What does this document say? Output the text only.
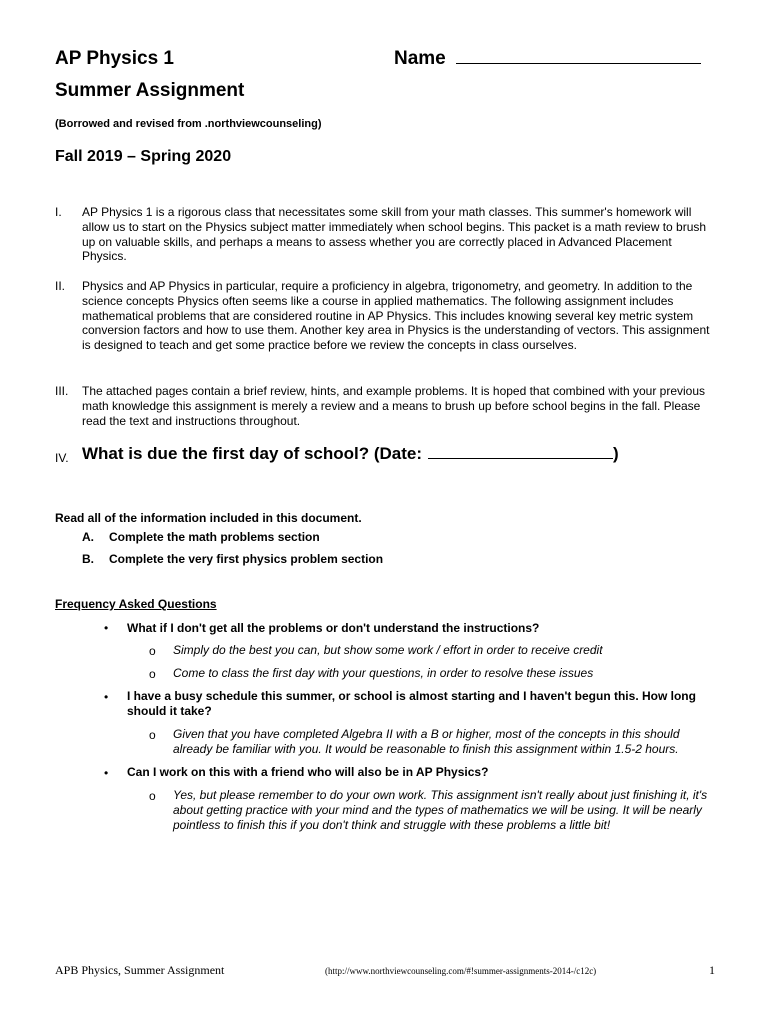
AP Physics 1	Name
Summer Assignment
(Borrowed and revised from .northviewcounseling)
Fall 2019 – Spring 2020
I. AP Physics 1 is a rigorous class that necessitates some skill from your math classes. This summer's homework will allow us to start on the Physics subject matter immediately when school begins. This packet is a math review to brush up on valuable skills, and perhaps a means to assess whether you are correctly placed in Advanced Placement Physics.
II. Physics and AP Physics in particular, require a proficiency in algebra, trigonometry, and geometry. In addition to the science concepts Physics often seems like a course in applied mathematics. The following assignment includes mathematical problems that are considered routine in AP Physics. This includes knowing several key metric system conversion factors and how to use them. Another key area in Physics is the understanding of vectors. This assignment is designed to teach and get some practice before we review the concepts in class ourselves.
III. The attached pages contain a brief review, hints, and example problems. It is hoped that combined with your previous math knowledge this assignment is merely a review and a means to brush up before school begins in the fall. Please read the text and instructions throughout.
IV. What is due the first day of school? (Date:	)
Read all of the information included in this document.
A. Complete the math problems section
B. Complete the very first physics problem section
Frequency Asked Questions
• What if I don't get all the problems or don't understand the instructions?
o Simply do the best you can, but show some work / effort in order to receive credit
o Come to class the first day with your questions, in order to resolve these issues
• I have a busy schedule this summer, or school is almost starting and I haven't begun this. How long should it take?
o Given that you have completed Algebra II with a B or higher, most of the concepts in this should already be familiar with you. It would be reasonable to finish this assignment within 1.5-2 hours.
• Can I work on this with a friend who will also be in AP Physics?
o Yes, but please remember to do your own work. This assignment isn't really about just finishing it, it's about getting practice with your mind and the types of mathematics we will be using. It will be nearly pointless to finish this if you don't think and struggle with these problems a little bit!
APB Physics, Summer Assignment	(http://www.northviewcounseling.com/#!summer-assignments-2014-/c12c)	1
